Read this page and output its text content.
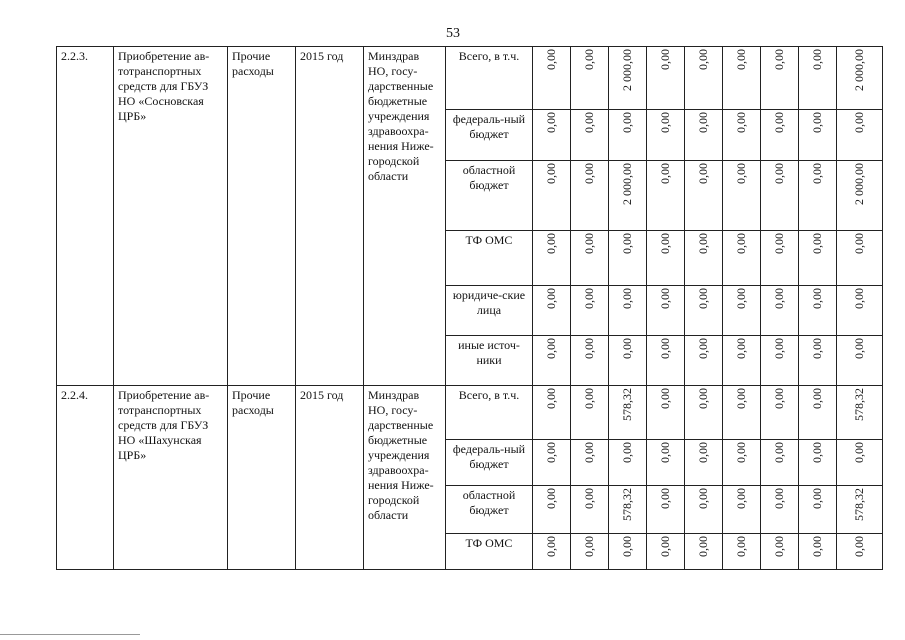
53
2.2.3.	Приобретение ав-тотранспортных средств для ГБУЗ НО «Сосновская ЦРБ»	Прочие расходы	2015 год	Минздрав НО, госу-дарственные бюджетные учреждения здравоохра-нения Ниже-городской области	Всего, в т.ч.	0,00	0,00	2 000,00	0,00	0,00	0,00	0,00	0,00	2 000,00

					федераль-ный бюджет	0,00	0,00	0,00	0,00	0,00	0,00	0,00	0,00	0,00

					областной бюджет	0,00	0,00	2 000,00	0,00	0,00	0,00	0,00	0,00	2 000,00

					ТФ ОМС	0,00	0,00	0,00	0,00	0,00	0,00	0,00	0,00	0,00

					юридиче-ские лица	0,00	0,00	0,00	0,00	0,00	0,00	0,00	0,00	0,00

					иные источ-ники	0,00	0,00	0,00	0,00	0,00	0,00	0,00	0,00	0,00

2.2.4.	Приобретение ав-тотранспортных средств для ГБУЗ НО «Шахунская ЦРБ»	Прочие расходы	2015 год	Минздрав НО, госу-дарственные бюджетные учреждения здравоохра-нения Ниже-городской области	Всего, в т.ч.	0,00	0,00	578,32	0,00	0,00	0,00	0,00	0,00	578,32

					федераль-ный бюджет	0,00	0,00	0,00	0,00	0,00	0,00	0,00	0,00	0,00

					областной бюджет	0,00	0,00	578,32	0,00	0,00	0,00	0,00	0,00	578,32

					ТФ ОМС	0,00	0,00	0,00	0,00	0,00	0,00	0,00	0,00	0,00
